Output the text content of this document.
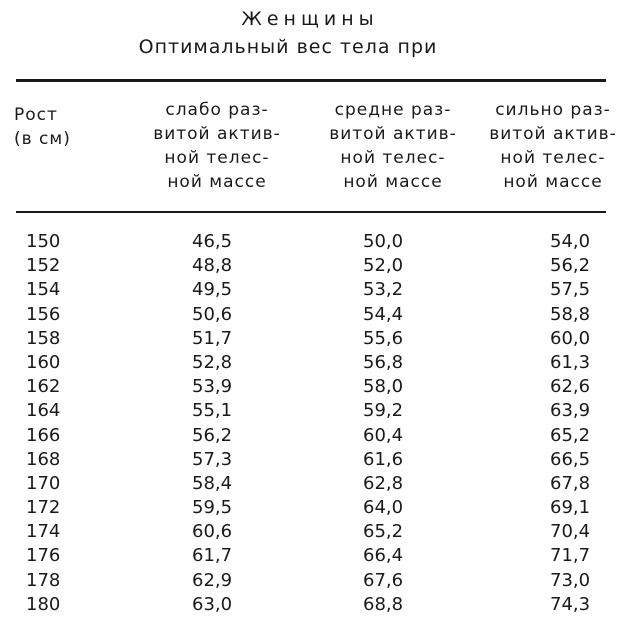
Женщины
Оптимальный вес тела при
Рост
(в см)
слабо раз-
витой актив-
ной телес-
ной массе
средне раз-
витой актив-
ной телес-
ной массе
сильно раз-
витой актив-
ной телес-
ной массе
150	46,5	50,0	54,0
152	48,8	52,0	56,2
154	49,5	53,2	57,5
156	50,6	54,4	58,8
158	51,7	55,6	60,0
160	52,8	56,8	61,3
162	53,9	58,0	62,6
164	55,1	59,2	63,9
166	56,2	60,4	65,2
168	57,3	61,6	66,5
170	58,4	62,8	67,8
172	59,5	64,0	69,1
174	60,6	65,2	70,4
176	61,7	66,4	71,7
178	62,9	67,6	73,0
180	63,0	68,8	74,3
